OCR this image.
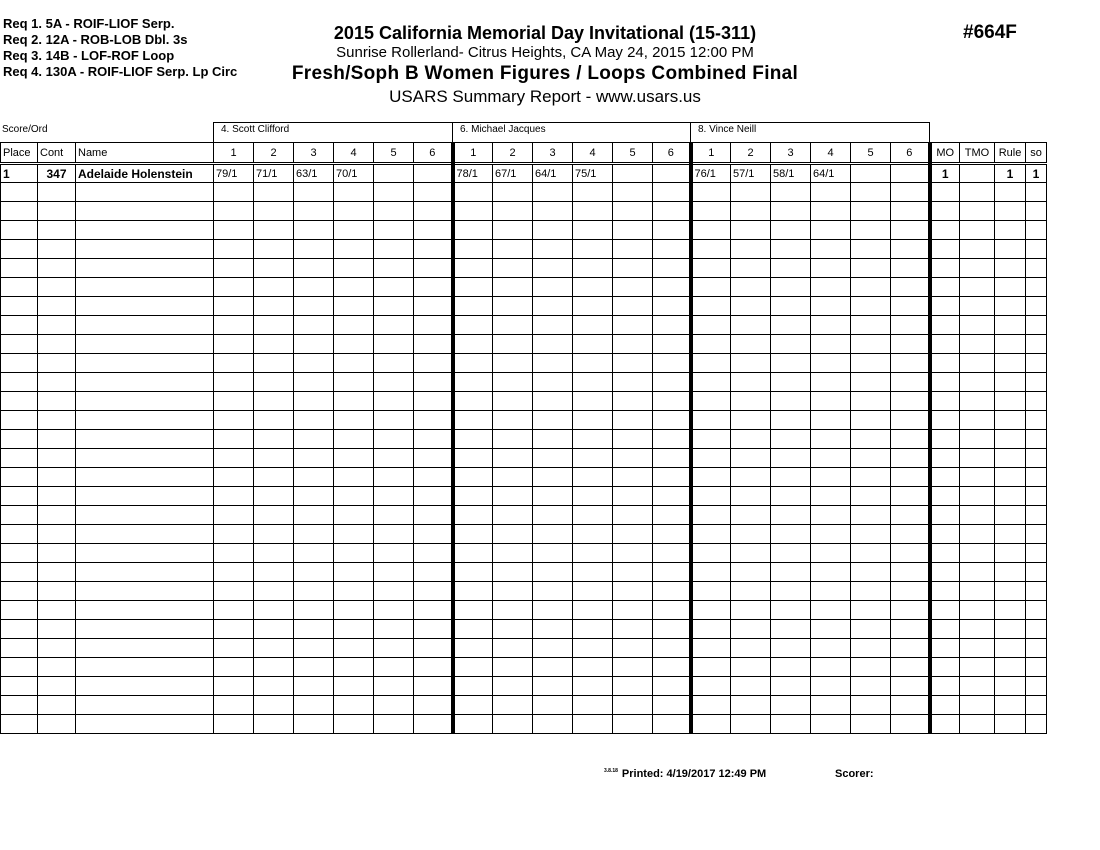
Req 1. 5A - ROIF-LIOF Serp.
Req 2. 12A - ROB-LOB Dbl. 3s
Req 3. 14B - LOF-ROF Loop
Req 4. 130A - ROIF-LIOF Serp. Lp Circ
2015 California Memorial Day Invitational (15-311)
Sunrise Rollerland- Citrus Heights, CA May 24, 2015 12:00 PM
Fresh/Soph B Women Figures / Loops Combined Final
USARS Summary Report - www.usars.us
#664F
Score/Ord	4. Scott Clifford	6. Michael Jacques	8. Vince Neill
Place	Cont	Name	1	2	3	4	5	6	1	2	3	4	5	6	1	2	3	4	5	6	MO	TMO	Rule	so
1	347	Adelaide Holenstein	79/1	71/1	63/1	70/1			78/1	67/1	64/1	75/1			76/1	57/1	58/1	64/1			1		1	1

$^{3.8.18}$ Printed: 4/19/2017 12:49 PM	Scorer:
